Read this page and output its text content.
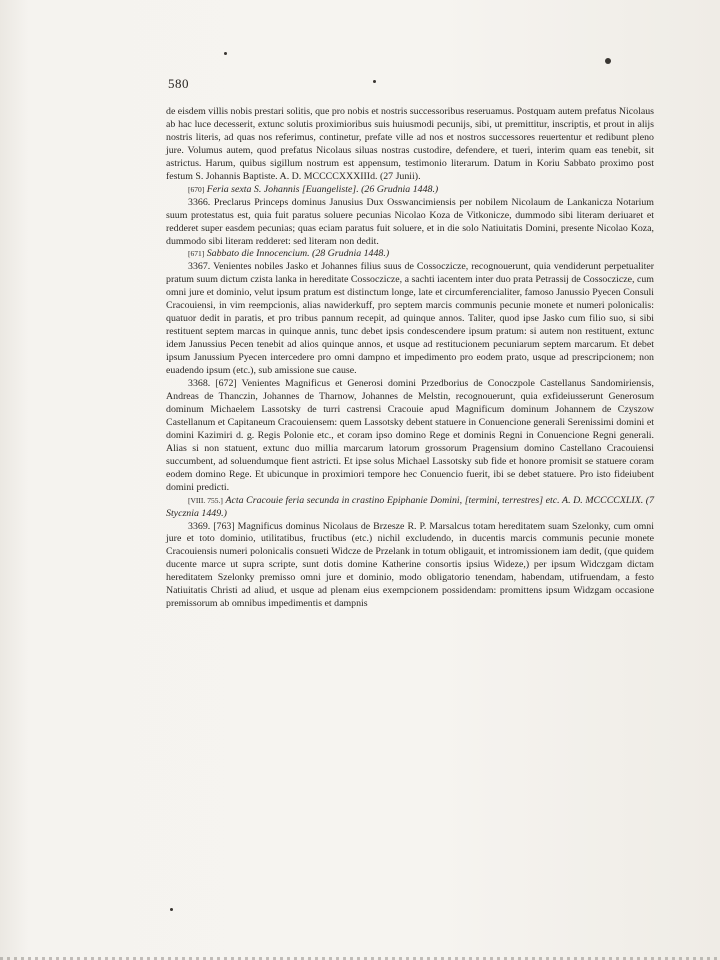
580

de eisdem villis nobis prestari solitis, que pro nobis et nostris successoribus reseruamus. Postquam autem prefatus Nicolaus ab hac luce decesserit, extunc solutis proximioribus suis huiusmodi pecunijs, sibi, ut premittitur, inscriptis, et prout in alijs nostris literis, ad quas nos referimus, continetur, prefate ville ad nos et nostros successores reuertentur et redibunt pleno jure. Volumus autem, quod prefatus Nicolaus siluas nostras custodire, defendere, et tueri, interim quam eas tenebit, sit astrictus. Harum, quibus sigillum nostrum est appensum, testimonio literarum. Datum in Koriu Sabbato proximo post festum S. Johannis Baptiste. A. D. MCCCCXXXIIId. (27 Junii).

[670] Feria sexta S. Johannis [Euangeliste]. (26 Grudnia 1448.)

3366. Preclarus Princeps dominus Janusius Dux Osswancimiensis per nobilem Nicolaum de Lankanicza Notarium suum protestatus est, quia fuit paratus soluere pecunias Nicolao Koza de Vitkonicze, dummodo sibi literam deriuaret et redderet super easdem pecunias; quas eciam paratus fuit soluere, et in die solo Natiuitatis Domini, presente Nicolao Koza, dummodo sibi literam redderet: sed literam non dedit.

[671] Sabbato die Innocencium. (28 Grudnia 1448.)

3367. Venientes nobiles Jasko et Johannes filius suus de Cossoczicze, recognouerunt, quia vendiderunt perpetualiter pratum suum dictum czista lanka in hereditate Cossoczicze, a sachti iacentem inter duo prata Petrassij de Cossoczicze, cum omni jure et dominio, velut ipsum pratum est distinctum longe, late et circumferencialiter, famoso Janussio Pyecen Consuli Cracouiensi, in vim reempcionis, alias nawiderkuff, pro septem marcis communis pecunie monete et numeri polonicalis: quatuor dedit in paratis, et pro tribus pannum recepit, ad quinque annos. Taliter, quod ipse Jasko cum filio suo, si sibi restituent septem marcas in quinque annis, tunc debet ipsis condescendere ipsum pratum: si autem non restituent, extunc idem Janussius Pecen tenebit ad alios quinque annos, et usque ad restitucionem pecuniarum septem marcarum. Et debet ipsum Janussium Pyecen intercedere pro omni dampno et impedimento pro eodem prato, usque ad prescripcionem; non euadendo ipsum (etc.), sub amissione sue cause.

3368. [672] Venientes Magnificus et Generosi domini Przedborius de Conoczpole Castellanus Sandomiriensis, Andreas de Thanczin, Johannes de Tharnow, Johannes de Melstin, recognouerunt, quia exfideiusserunt Generosum dominum Michaelem Lassotsky de turri castrensi Cracouie apud Magnificum dominum Johannem de Czyszow Castellanum et Capitaneum Cracouiensem: quem Lassotsky debent statuere in Conuencione generali Serenissimi domini et domini Kazimiri d. g. Regis Polonie etc., et coram ipso domino Rege et dominis Regni in Conuencione Regni generali. Alias si non statuent, extunc duo millia marcarum latorum grossorum Pragensium domino Castellano Cracouiensi succumbent, ad soluendumque fient astricti. Et ipse solus Michael Lassotsky sub fide et honore promisit se statuere coram eodem domino Rege. Et ubicunque in proximiori tempore hec Conuencio fuerit, ibi se debet statuere. Pro isto fideiubent domini predicti.

[VIII. 755.] Acta Cracouie feria secunda in crastino Epiphanie Domini, [termini, terrestres] etc. A. D. MCCCCXLIX. (7 Stycznia 1449.)

3369. [763] Magnificus dominus Nicolaus de Brzesze R. P. Marsalcus totam hereditatem suam Szelonky, cum omni jure et toto dominio, utilitatibus, fructibus (etc.) nichil excludendo, in ducentis marcis communis pecunie monete Cracouiensis numeri polonicalis consueti Widcze de Przelank in totum obligauit, et intromissionem iam dedit, (que quidem ducente marce ut supra scripte, sunt dotis domine Katherine consortis ipsius Wideze,) per ipsum Widczgam dictam hereditatem Szelonky premisso omni jure et dominio, modo obligatorio tenendam, habendam, utifruendam, a festo Natiuitatis Christi ad aliud, et usque ad plenam eius exempcionem possidendam: promittens ipsum Widzgam occasione premissorum ab omnibus impedimentis et dampnis
